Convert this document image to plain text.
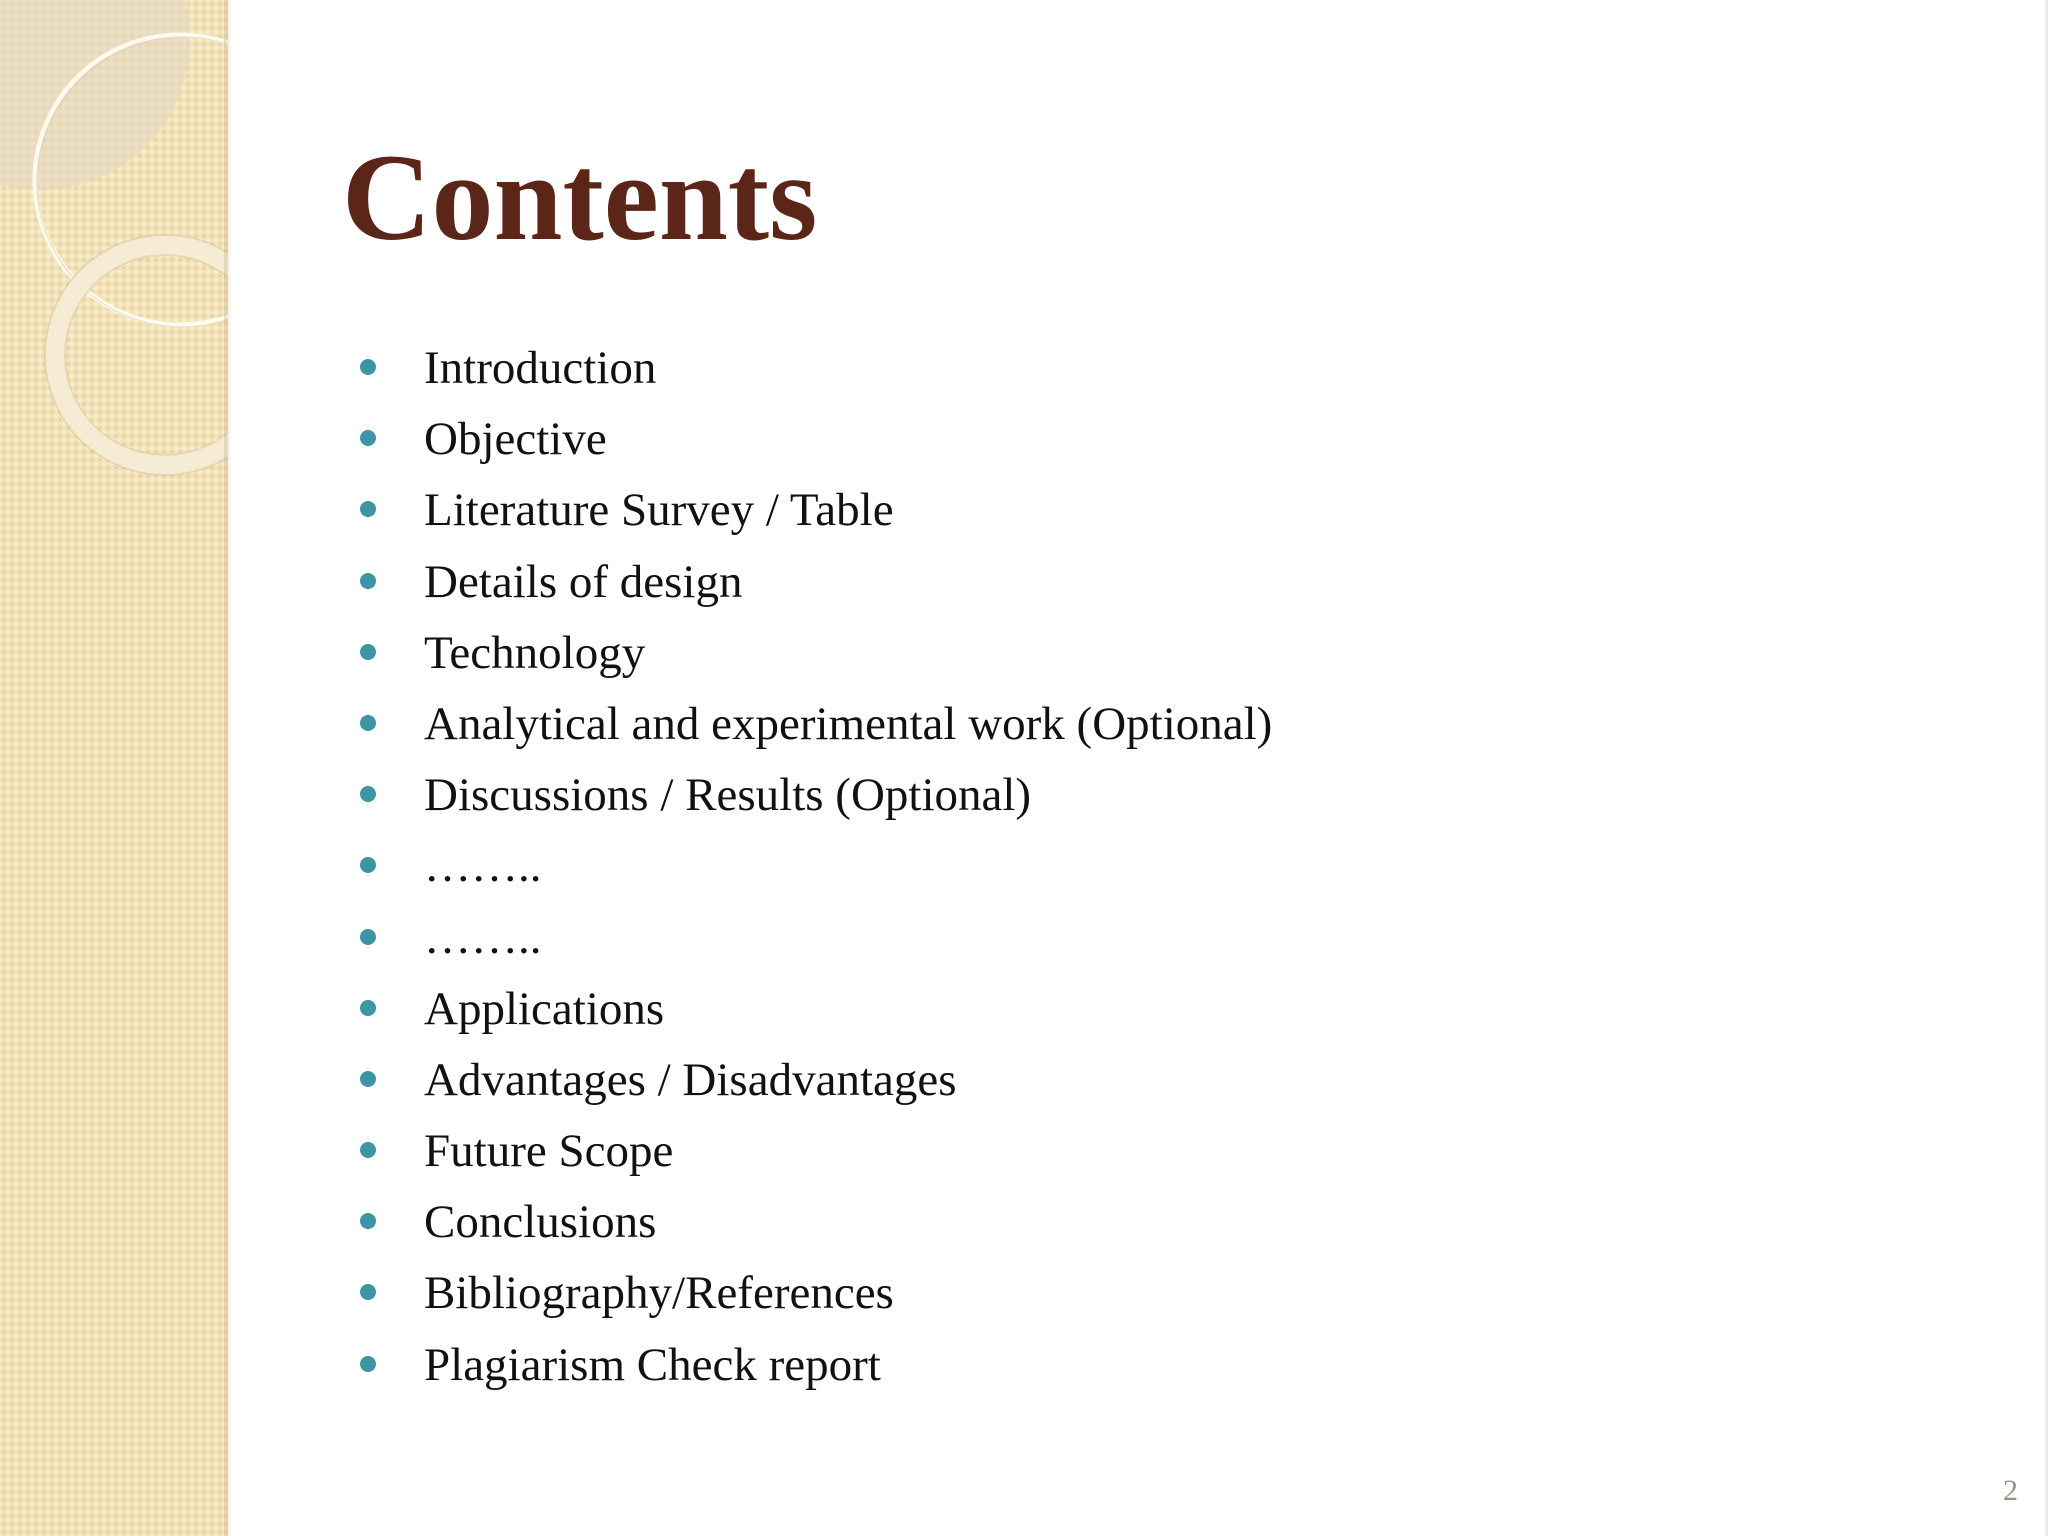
Contents
Introduction
Objective
Literature Survey / Table
Details of design
Technology
Analytical and experimental work (Optional)
Discussions / Results (Optional)
……..
……..
Applications
Advantages / Disadvantages
Future Scope
Conclusions
Bibliography/References
Plagiarism Check report
2
